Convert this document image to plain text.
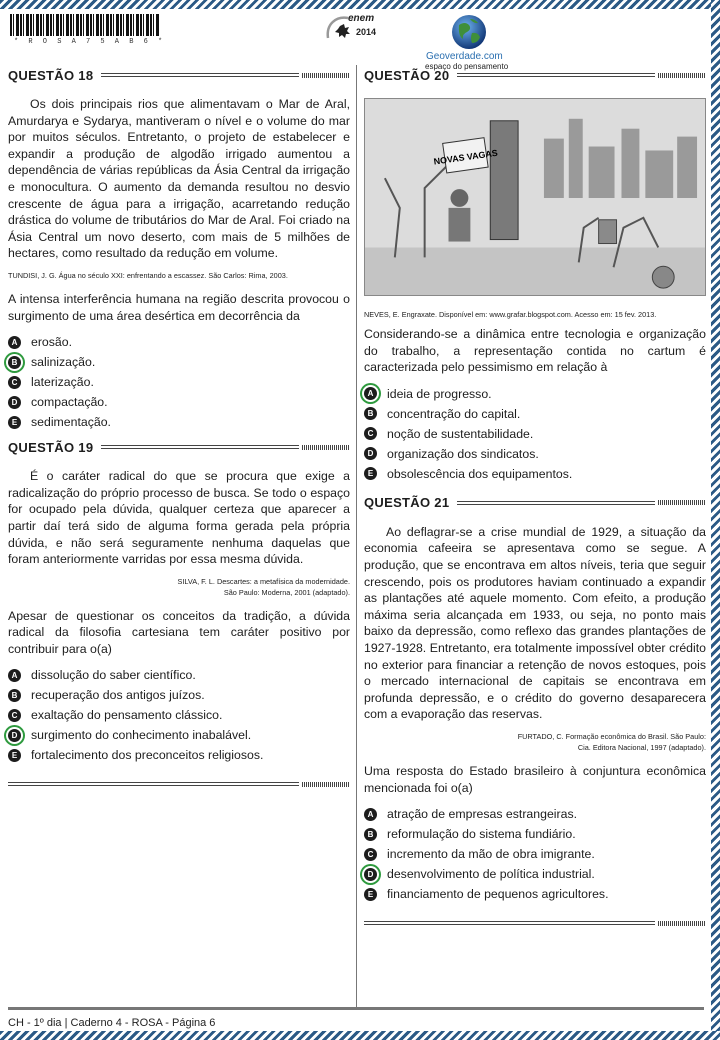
* R O S A 7 5 A B 6 *
enem
2014
Geoverdade.com
espaço do pensamento
QUESTÃO 18

Os dois principais rios que alimentavam o Mar de Aral, Amurdarya e Sydarya, mantiveram o nível e o volume do mar por muitos séculos. Entretanto, o projeto de estabelecer e expandir a produção de algodão irrigado aumentou a dependência de várias repúblicas da Ásia Central da irrigação e monocultura. O aumento da demanda resultou no desvio crescente de água para a irrigação, acarretando redução drástica do volume de tributários do Mar de Aral. Foi criado na Ásia Central um novo deserto, com mais de 5 milhões de hectares, como resultado da redução em volume.

TUNDISI, J. G. Água no século XXI: enfrentando a escassez. São Carlos: Rima, 2003.

A intensa interferência humana na região descrita provocou o surgimento de uma área desértica em decorrência da

A erosão.
B salinização.
C laterização.
D compactação.
E	sedimentação.
QUESTÃO 19

É o caráter radical do que se procura que exige a radicalização do próprio processo de busca. Se todo o espaço for ocupado pela dúvida, qualquer certeza que aparecer a partir daí terá sido de alguma forma gerada pela própria dúvida, e não será seguramente nenhuma daquelas que foram anteriormente varridas por essa mesma dúvida.

SILVA, F. L. Descartes: a metafísica da modernidade.
São Paulo: Moderna, 2001 (adaptado).

Apesar de questionar os conceitos da tradição, a dúvida radical da filosofia cartesiana tem caráter positivo por contribuir para o(a)

A dissolução do saber científico.
B recuperação dos antigos juízos.
C exaltação do pensamento clássico.
D surgimento do conhecimento inabalável.
E	fortalecimento dos preconceitos religiosos.
QUESTÃO 20
NOVAS VAGAS

NEVES, E. Engraxate. Disponível em: www.grafar.blogspot.com. Acesso em: 15 fev. 2013.

Considerando-se a dinâmica entre tecnologia e organização do trabalho, a representação contida no cartum é caracterizada pelo pessimismo em relação à

A ideia de progresso.
B concentração do capital.
C noção de sustentabilidade.
D organização dos sindicatos.
E	obsolescência dos equipamentos.
QUESTÃO 21

Ao deflagrar-se a crise mundial de 1929, a situação da economia cafeeira se apresentava como se segue. A produção, que se encontrava em altos níveis, teria que seguir crescendo, pois os produtores haviam continuado a expandir as plantações até aquele momento. Com efeito, a produção máxima seria alcançada em 1933, ou seja, no ponto mais baixo da depressão, como reflexo das grandes plantações de 1927-1928. Entretanto, era totalmente impossível obter crédito no exterior para financiar a retenção de novos estoques, pois o mercado internacional de capitais se encontrava em profunda depressão, e o crédito do governo desaparecera com a evaporação das reservas.

FURTADO, C. Formação econômica do Brasil. São Paulo:
Cia. Editora Nacional, 1997 (adaptado).

Uma resposta do Estado brasileiro à conjuntura econômica mencionada foi o(a)

A atração de empresas estrangeiras.
B reformulação do sistema fundiário.
C incremento da mão de obra imigrante.
D desenvolvimento de política industrial.
E	financiamento de pequenos agricultores.
CH - 1º dia | Caderno 4 - ROSA - Página 6
